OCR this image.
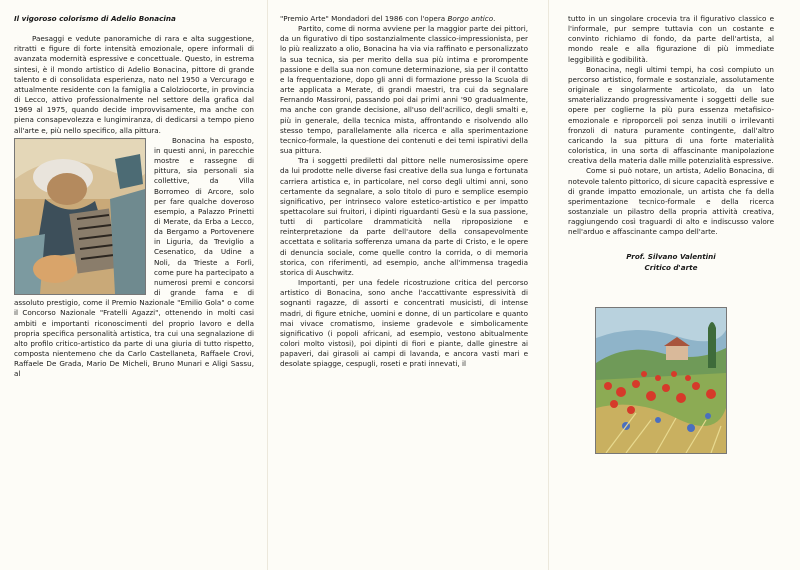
Il vigoroso colorismo di Adelio Bonacina

Paesaggi e vedute panoramiche di rara e alta suggestione, ritratti e figure di forte intensità emozionale, opere informali di avanzata modernità espressive e concettuale. Questo, in estrema sintesi, è il mondo artistico di Adelio Bonacina, pittore di grande talento e di consolidata esperienza, nato nel 1950 a Vercurago e attualmente residente con la famiglia a Calolziocorte, in provincia di Lecco, attivo professionalmente nel settore della grafica dal 1969 al 1975, quando decide improvvisamente, ma anche con piena consapevolezza e lungimiranza, di dedicarsi a tempo pieno all'arte e, più nello specifico, alla pittura.

Bonacina ha esposto, in questi anni, in parecchie mostre e rassegne di pittura, sia personali sia collettive, da Villa Borromeo di Arcore, solo per fare qualche doveroso esempio, a Palazzo Prinetti di Merate, da Erba a Lecco, da Bergamo a Portovenere in Liguria, da Treviglio a Cesenatico, da Udine a Noli, da Trieste a Forlì, come pure ha partecipato a numerosi premi e concorsi di grande fama e di assoluto prestigio, come il Premio Nazionale "Emilio Gola" o come il Concorso Nazionale "Fratelli Agazzi", ottenendo in molti casi ambiti e importanti riconoscimenti del proprio lavoro e della propria specifica personalità artistica, tra cui una segnalazione di alto profilo critico-artistico da parte di una giuria di tutto rispetto, composta nientemeno che da Carlo Castellaneta, Raffaele Crovi, Raffaele De Grada, Mario De Micheli, Bruno Munari e Aligi Sassu, al

"Premio Arte" Mondadori del 1986 con l'opera Borgo antico.

Partito, come di norma avviene per la maggior parte dei pittori, da un figurativo di tipo sostanzialmente classico-impressionista, per lo più realizzato a olio, Bonacina ha via via raffinato e personalizzato la sua tecnica, sia per merito della sua più intima e prorompente passione e della sua non comune determinazione, sia per il contatto e la frequentazione, dopo gli anni di formazione presso la Scuola di arte applicata a Merate, di grandi maestri, tra cui da segnalare Fernando Massironi, passando poi dai primi anni '90 gradualmente, ma anche con grande decisione, all'uso dell'acrilico, degli smalti e, più in generale, della tecnica mista, affrontando e risolvendo allo stesso tempo, parallelamente alla ricerca e alla sperimentazione tecnico-formale, la questione dei contenuti e dei temi ispirativi della sua pittura.

Tra i soggetti prediletti dal pittore nelle numerosissime opere da lui prodotte nelle diverse fasi creative della sua lunga e fortunata carriera artistica e, in particolare, nel corso degli ultimi anni, sono certamente da segnalare, a solo titolo di puro e semplice esempio significativo, per intrinseco valore estetico-artistico e per impatto spettacolare sui fruitori, i dipinti riguardanti Gesù e la sua passione, tutti di particolare drammaticità nella riproposizione e reinterpretazione da parte dell'autore della consapevolmente accettata e solitaria sofferenza umana da parte di Cristo, e le opere di denuncia sociale, come quelle contro la corrida, o di memoria storica, con riferimenti, ad esempio, anche all'immensa tragedia storica di Auschwitz.

Importanti, per una fedele ricostruzione critica del percorso artistico di Bonacina, sono anche l'accattivante espressività di sognanti ragazze, di assorti e concentrati musicisti, di intense madri, di figure etniche, uomini e donne, di un particolare e quanto mai vivace cromatismo, insieme gradevole e simbolicamente significativo (i popoli africani, ad esempio, vestono abitualmente colori molto vistosi), poi dipinti di fiori e piante, dalle ginestre ai papaveri, dai girasoli ai campi di lavanda, e ancora vasti mari e desolate spiagge, cespugli, roseti e prati innevati, il

tutto in un singolare crocevia tra il figurativo classico e l'informale, pur sempre tuttavia con un costante e convinto richiamo di fondo, da parte dell'artista, al mondo reale e alla figurazione di più immediate leggibilità e godibilità.

Bonacina, negli ultimi tempi, ha così compiuto un percorso artistico, formale e sostanziale, assolutamente originale e singolarmente articolato, da un lato smaterializzando progressivamente i soggetti delle sue opere per coglierne la più pura essenza metafisico-emozionale e riproporceli poi senza inutili o irrilevanti fronzoli di natura puramente contingente, dall'altro caricando la sua pittura di una forte materialità coloristica, in una sorta di affascinante manipolazione creativa della materia dalle mille potenzialità espressive.

Come si può notare, un artista, Adelio Bonacina, di notevole talento pittorico, di sicure capacità espressive e di grande impatto emozionale, un artista che fa della sperimentazione tecnico-formale e della ricerca sostanziale un pilastro della propria attività creativa, raggiungendo così traguardi di alto e indiscusso valore nell'arduo e affascinante campo dell'arte.

Prof. Silvano Valentini
Critico d'arte
